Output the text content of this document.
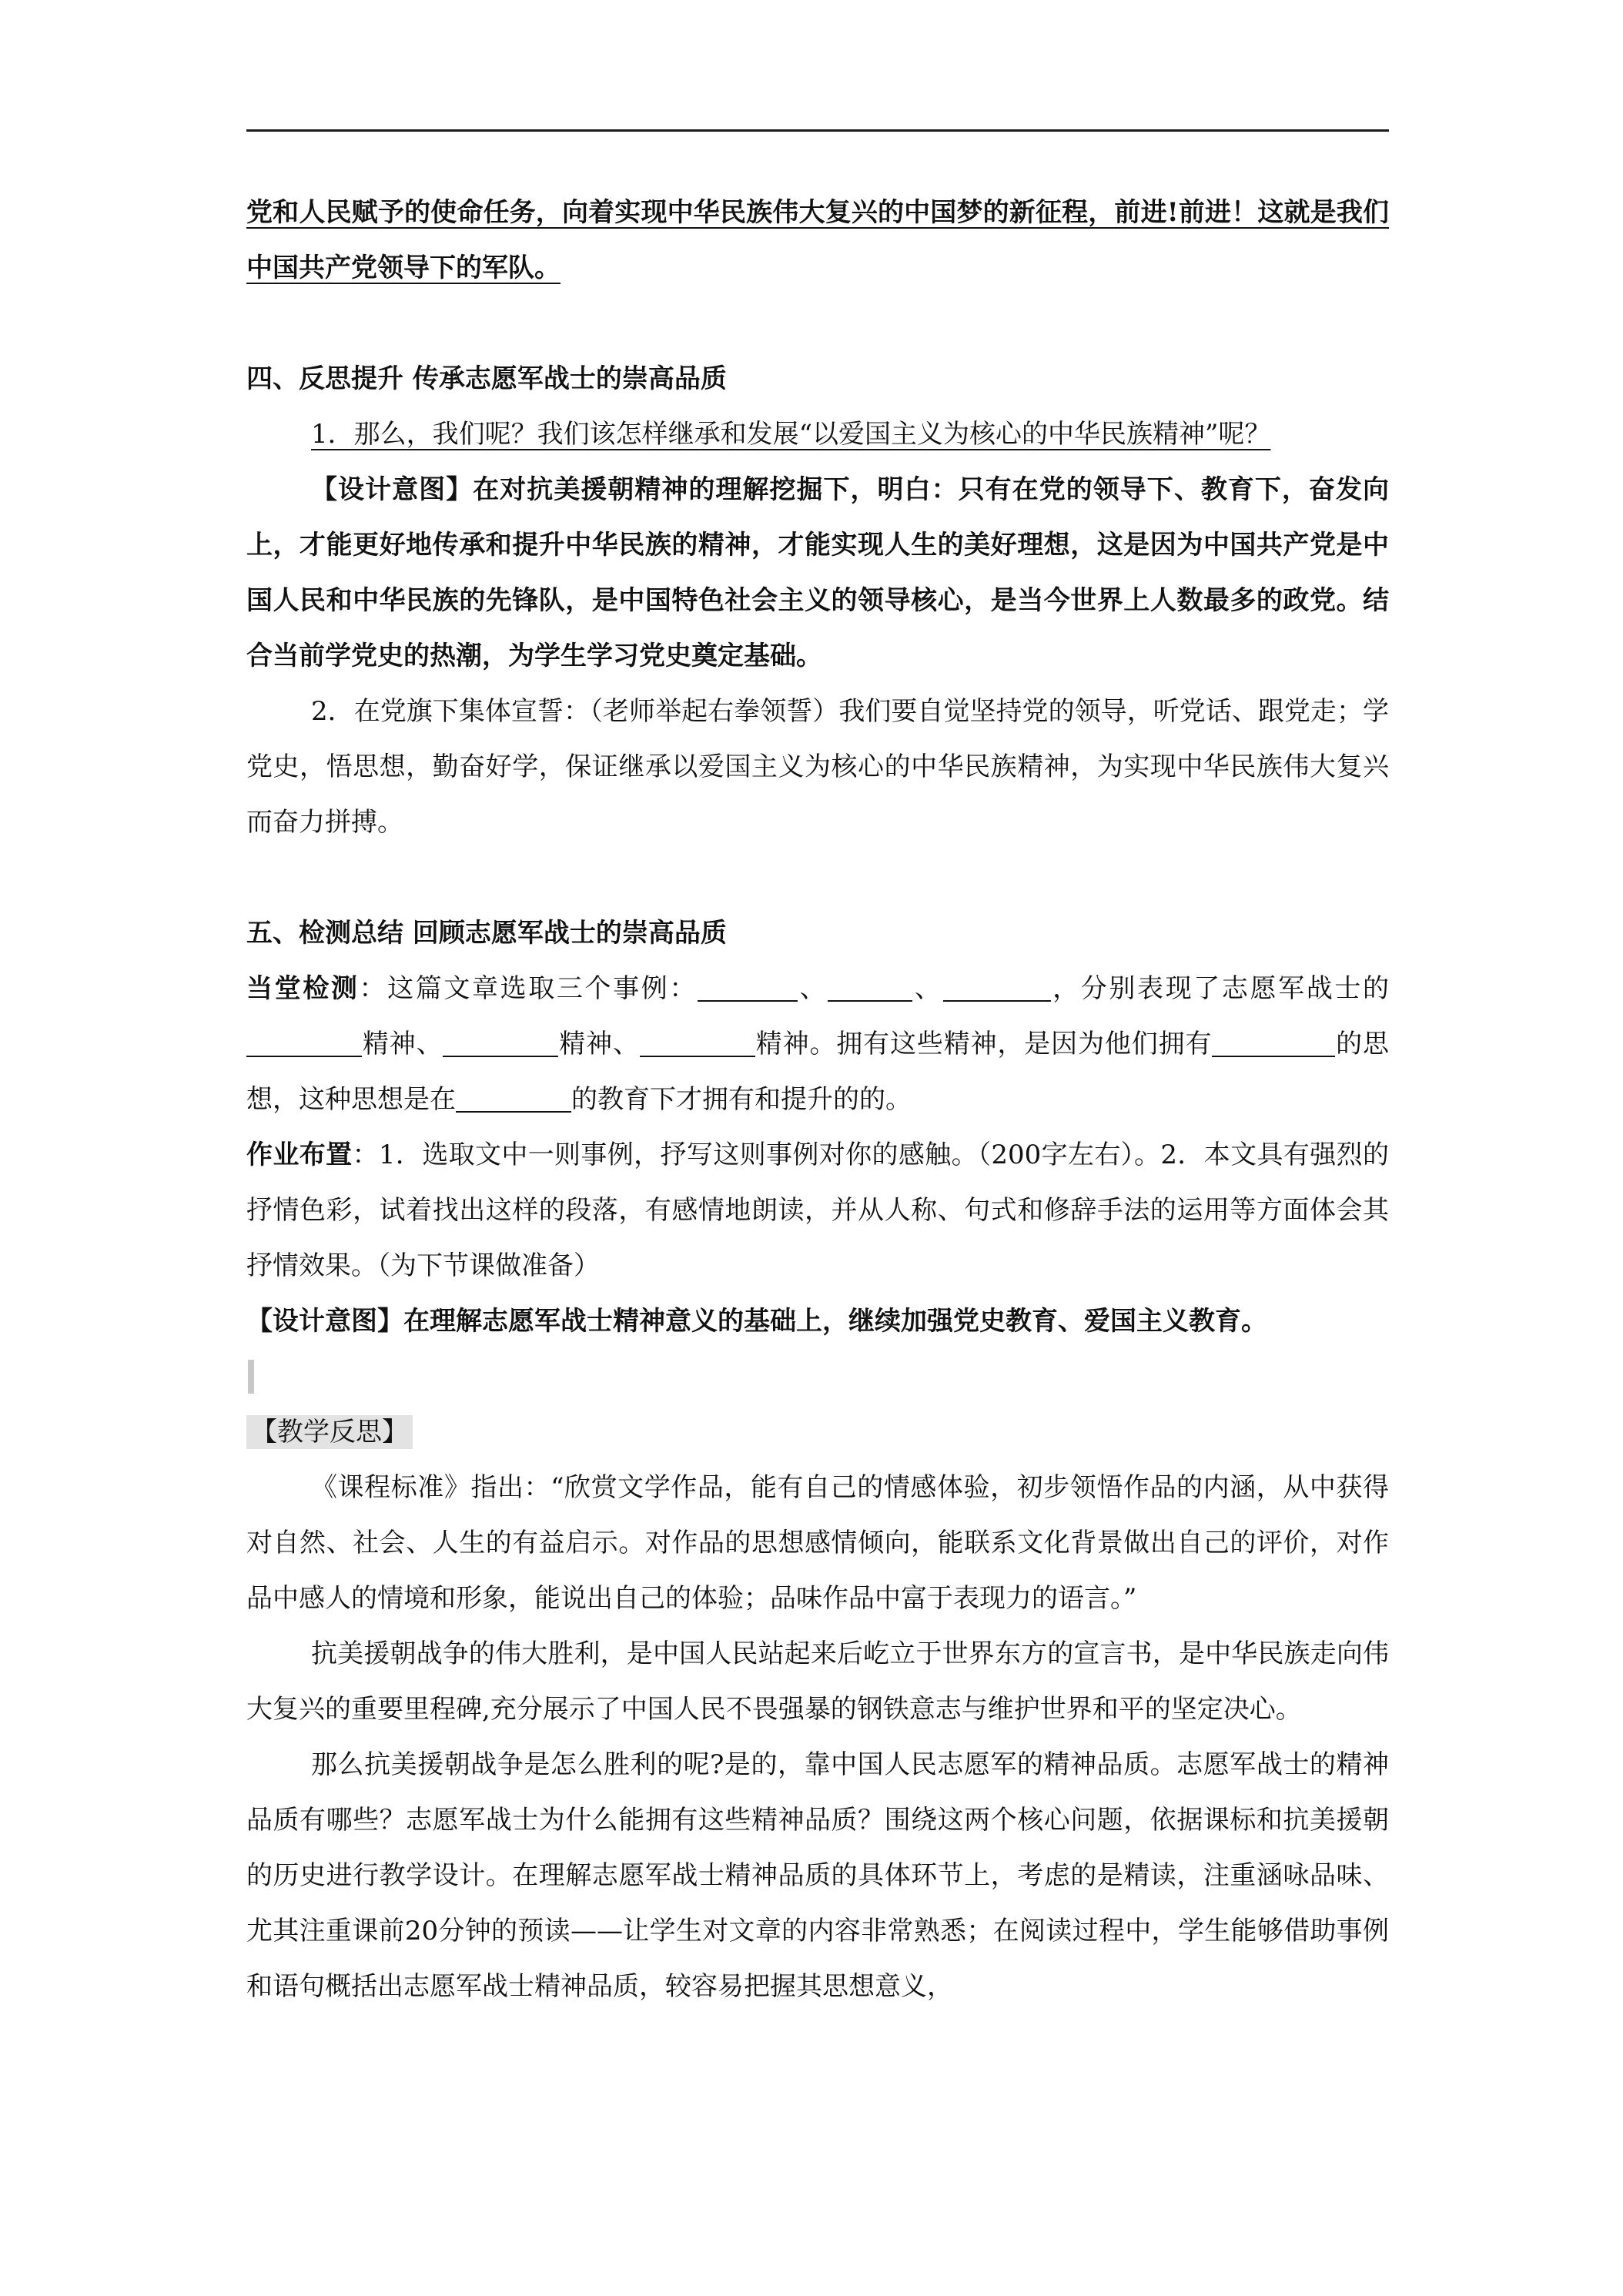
党和人民赋予的使命任务，向着实现中华民族伟大复兴的中国梦的新征程，前进!前进！这就是我们中国共产党领导下的军队。

四、反思提升 传承志愿军战士的崇高品质

1．那么，我们呢？我们该怎样继承和发展“以爱国主义为核心的中华民族精神”呢？

【设计意图】在对抗美援朝精神的理解挖掘下，明白：只有在党的领导下、教育下，奋发向上，才能更好地传承和提升中华民族的精神，才能实现人生的美好理想，这是因为中国共产党是中国人民和中华民族的先锋队，是中国特色社会主义的领导核心，是当今世界上人数最多的政党。结合当前学党史的热潮，为学生学习党史奠定基础。

2．在党旗下集体宣誓：（老师举起右拳领誓）我们要自觉坚持党的领导，听党话、跟党走；学党史，悟思想，勤奋好学，保证继承以爱国主义为核心的中华民族精神，为实现中华民族伟大复兴而奋力拼搏。

五、检测总结 回顾志愿军战士的崇高品质

当堂检测：这篇文章选取三个事例：	、	、	，分别表现了志愿军战士的精神、	精神、	精神。拥有这些精神，是因为他们拥有	的思想，这种思想是在	的教育下才拥有和提升的的。

作业布置：1．选取文中一则事例，抒写这则事例对你的感触。（200字左右）。2．本文具有强烈的抒情色彩，试着找出这样的段落，有感情地朗读，并从人称、句式和修辞手法的运用等方面体会其抒情效果。（为下节课做准备）

【设计意图】在理解志愿军战士精神意义的基础上，继续加强党史教育、爱国主义教育。

【教学反思】

《课程标准》指出：“欣赏文学作品，能有自己的情感体验，初步领悟作品的内涵，从中获得对自然、社会、人生的有益启示。对作品的思想感情倾向，能联系文化背景做出自己的评价，对作品中感人的情境和形象，能说出自己的体验；品味作品中富于表现力的语言。”

抗美援朝战争的伟大胜利，是中国人民站起来后屹立于世界东方的宣言书，是中华民族走向伟大复兴的重要里程碑,充分展示了中国人民不畏强暴的钢铁意志与维护世界和平的坚定决心。

那么抗美援朝战争是怎么胜利的呢?是的，靠中国人民志愿军的精神品质。志愿军战士的精神品质有哪些？志愿军战士为什么能拥有这些精神品质？围绕这两个核心问题，依据课标和抗美援朝的历史进行教学设计。在理解志愿军战士精神品质的具体环节上，考虑的是精读，注重涵咏品味、尤其注重课前20分钟的预读——让学生对文章的内容非常熟悉；在阅读过程中，学生能够借助事例和语句概括出志愿军战士精神品质，较容易把握其思想意义，
